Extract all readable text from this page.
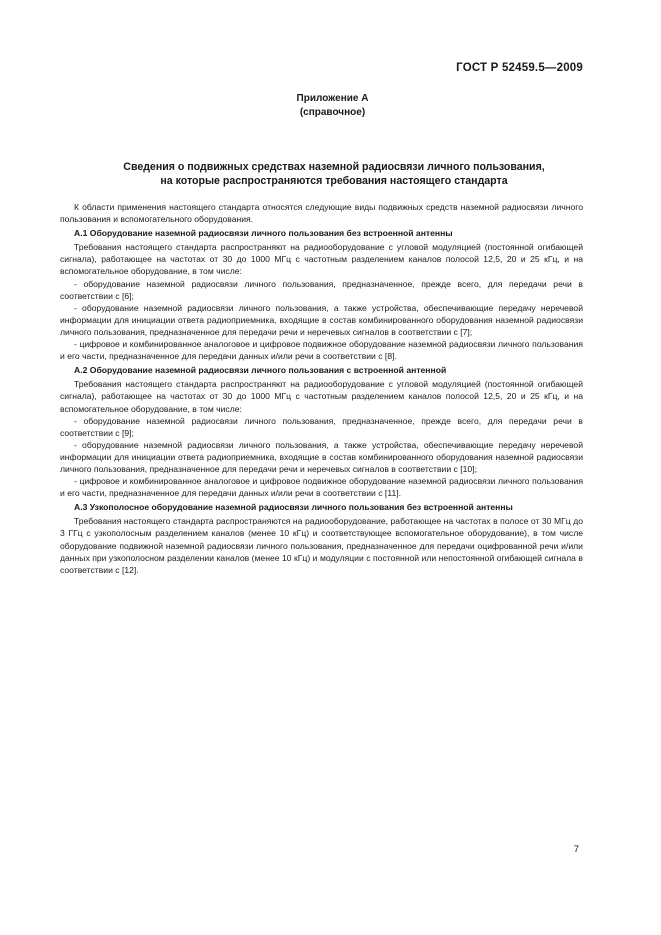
ГОСТ Р 52459.5—2009
Приложение А
(справочное)
Сведения о подвижных средствах наземной радиосвязи личного пользования,
на которые распространяются требования настоящего стандарта

К области применения настоящего стандарта относятся следующие виды подвижных средств наземной радиосвязи личного пользования и вспомогательного оборудования.

А.1 Оборудование наземной радиосвязи личного пользования без встроенной антенны

Требования настоящего стандарта распространяют на радиооборудование с угловой модуляцией (постоянной огибающей сигнала), работающее на частотах от 30 до 1000 МГц с частотным разделением каналов полосой 12,5, 20 и 25 кГц, и на вспомогательное оборудование, в том числе:

- оборудование наземной радиосвязи личного пользования, предназначенное, прежде всего, для передачи речи в соответствии с [6];

- оборудование наземной радиосвязи личного пользования, а также устройства, обеспечивающие передачу неречевой информации для инициации ответа радиоприемника, входящие в состав комбинированного оборудования наземной радиосвязи личного пользования, предназначенное для передачи речи и неречевых сигналов в соответствии с [7];

- цифровое и комбинированное аналоговое и цифровое подвижное оборудование наземной радиосвязи личного пользования и его части, предназначенное для передачи данных и/или речи в соответствии с [8].

А.2 Оборудование наземной радиосвязи личного пользования с встроенной антенной

Требования настоящего стандарта распространяют на радиооборудование с угловой модуляцией (постоянной огибающей сигнала), работающее на частотах от 30 до 1000 МГц с частотным разделением каналов полосой 12,5, 20 и 25 кГц, и на вспомогательное оборудование, в том числе:

- оборудование наземной радиосвязи личного пользования, предназначенное, прежде всего, для передачи речи в соответствии с [9];

- оборудование наземной радиосвязи личного пользования, а также устройства, обеспечивающие передачу неречевой информации для инициации ответа радиоприемника, входящие в состав комбинированного оборудования наземной радиосвязи личного пользования, предназначенное для передачи речи и неречевых сигналов в соответствии с [10];

- цифровое и комбинированное аналоговое и цифровое подвижное оборудование наземной радиосвязи личного пользования и его части, предназначенное для передачи данных и/или речи в соответствии с [11].

А.3 Узкополосное оборудование наземной радиосвязи личного пользования без встроенной антенны

Требования настоящего стандарта распространяются на радиооборудование, работающее на частотах в полосе от 30 МГц до 3 ГГц с узкополосным разделением каналов (менее 10 кГц) и соответствующее вспомогательное оборудование), в том числе оборудование подвижной наземной радиосвязи личного пользования, предназначенное для передачи оцифрованной речи и/или данных при узкополосном разделении каналов (менее 10 кГц) и модуляции с постоянной или непостоянной огибающей сигнала в соответствии с [12].

7
